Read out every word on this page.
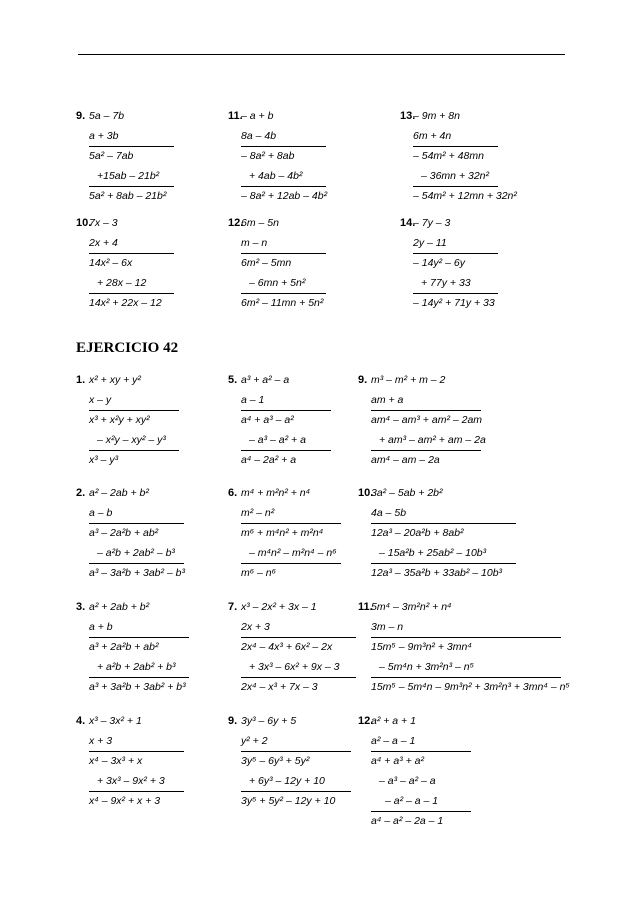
EJERCICIO 42
9. 5a – 7b
a + 3b
5a² – 7ab
+15ab – 21b²
5a² + 8ab – 21b²
11.
– a + b
8a – 4b
– 8a² + 8ab
+ 4ab – 4b²
– 8a² + 12ab – 4b²
13.
– 9m + 8n
6m + 4n
– 54m² + 48mn
– 36mn + 32n²
– 54m² + 12mn + 32n²
10.
7x – 3
2x + 4
14x² – 6x
+ 28x – 12
14x² + 22x – 12
12.
6m – 5n
m – n
6m² – 5mn
– 6mn + 5n²
6m² – 11mn + 5n²
14.
– 7y – 3
2y – 11
– 14y² – 6y
+ 77y + 33
– 14y² + 71y + 33
1. x² + xy + y²
x – y
x³ + x²y + xy²
– x²y – xy² – y³
x³ – y³
5. a³ + a² – a
a – 1
a⁴ + a³ – a²
– a³ – a² + a
a⁴ – 2a² + a
9. m³ – m² + m – 2
am + a
am⁴ – am³ + am² – 2am
+ am³ – am² + am – 2a
am⁴ – am – 2a
2. a² – 2ab + b²
a – b
a³ – 2a²b + ab²
– a²b + 2ab² – b³
a³ – 3a²b + 3ab² – b³
6. m⁴ + m²n² + n⁴
m² – n²
m⁶ + m⁴n² + m²n⁴
– m⁴n² – m²n⁴ – n⁶
m⁶ – n⁶
10.
3a² – 5ab + 2b²
4a – 5b
12a³ – 20a²b + 8ab²
– 15a²b + 25ab² – 10b³
12a³ – 35a²b + 33ab² – 10b³
3. a² + 2ab + b²
a + b
a³ + 2a²b + ab²
+ a²b + 2ab² + b³
a³ + 3a²b + 3ab² + b³
7. x³ – 2x² + 3x – 1
2x + 3
2x⁴ – 4x³ + 6x² – 2x
+ 3x³ – 6x² + 9x – 3
2x⁴ – x³ + 7x – 3
11.
5m⁴ – 3m²n² + n⁴
3m – n
15m⁵ – 9m³n² + 3mn⁴
– 5m⁴n + 3m²n³ – n⁵
15m⁵ – 5m⁴n – 9m³n² + 3m²n³ + 3mn⁴ – n⁵
4. x³ – 3x² + 1
x + 3
x⁴ – 3x³ + x
+ 3x³ – 9x² + 3
x⁴ – 9x² + x + 3
9. 3y³ – 6y + 5
y² + 2
3y⁵ – 6y³ + 5y²
+ 6y³ – 12y + 10
3y⁵ + 5y² – 12y + 10
12.
a² + a + 1
a² – a – 1
a⁴ + a³ + a²
– a³ – a² – a
– a² – a – 1
a⁴ – a² – 2a – 1
